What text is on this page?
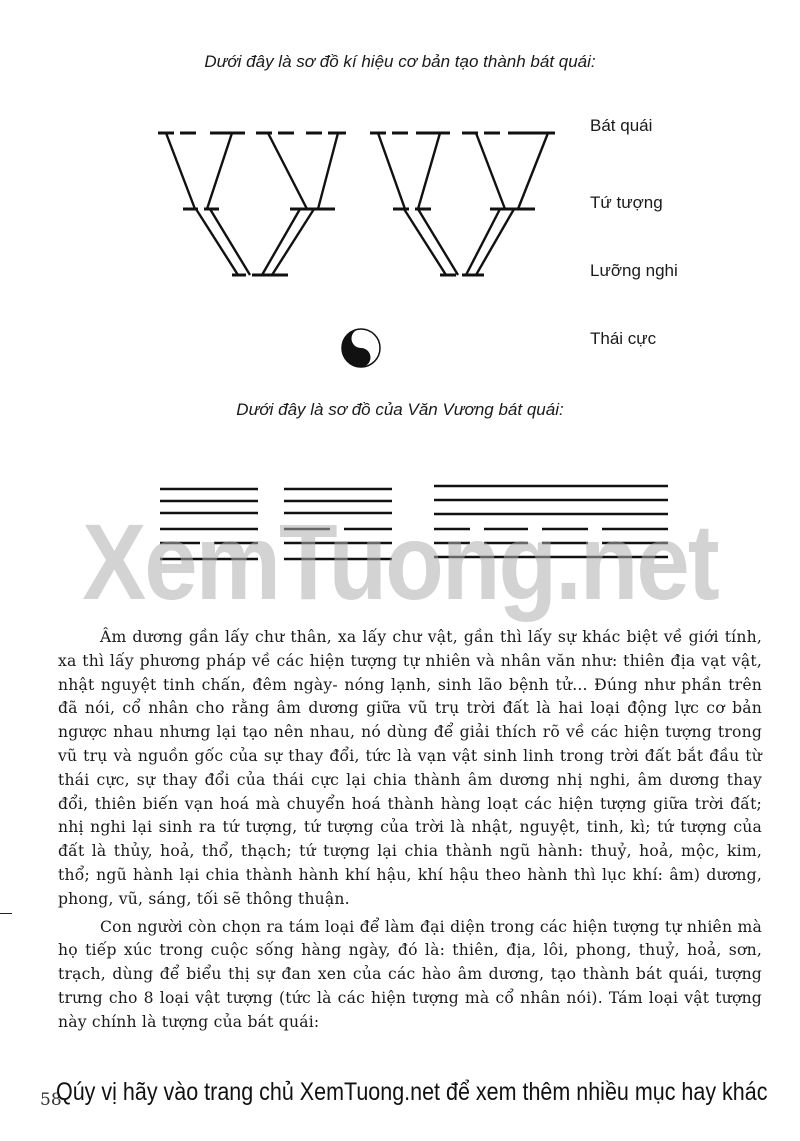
Dưới đây là sơ đồ kí hiệu cơ bản tạo thành bát quái:
Bát quái
Tứ tượng
Lưỡng nghi
Thái cực
Dưới đây là sơ đồ của Văn Vương bát quái:
XemTuong.net

Âm dương gần lấy chư thân, xa lấy chư vật, gần thì lấy sự khác biệt về giới tính, xa thì lấy phương pháp về các hiện tượng tự nhiên và nhân văn như: thiên địa vạt vật, nhật nguyệt tinh chấn, đêm ngày- nóng lạnh, sinh lão bệnh tử... Đúng như phần trên đã nói, cổ nhân cho rằng âm dương giữa vũ trụ trời đất là hai loại động lực cơ bản ngược nhau nhưng lại tạo nên nhau, nó dùng để giải thích rõ về các hiện tượng trong vũ trụ và nguồn gốc của sự thay đổi, tức là vạn vật sinh linh trong trời đất bắt đầu từ thái cực, sự thay đổi của thái cực lại chia thành âm dương nhị nghi, âm dương thay đổi, thiên biến vạn hoá mà chuyển hoá thành hàng loạt các hiện tượng giữa trời đất; nhị nghi lại sinh ra tứ tượng, tứ tượng của trời là nhật, nguyệt, tinh, kì; tứ tượng của đất là thủy, hoả, thổ, thạch; tứ tượng lại chia thành ngũ hành: thuỷ, hoả, mộc, kim, thổ; ngũ hành lại chia thành hành khí hậu, khí hậu theo hành thì lục khí: âm) dương, phong, vũ, sáng, tối sẽ thông thuận.

Con người còn chọn ra tám loại để làm đại diện trong các hiện tượng tự nhiên mà họ tiếp xúc trong cuộc sống hàng ngày, đó là: thiên, địa, lôi, phong, thuỷ, hoả, sơn, trạch, dùng để biểu thị sự đan xen của các hào âm dương, tạo thành bát quái, tượng trưng cho 8 loại vật tượng (tức là các hiện tượng mà cổ nhân nói). Tám loại vật tượng này chính là tượng của bát quái:

58
Qúy vị hãy vào trang chủ XemTuong.net để xem thêm nhiều mục hay khác
